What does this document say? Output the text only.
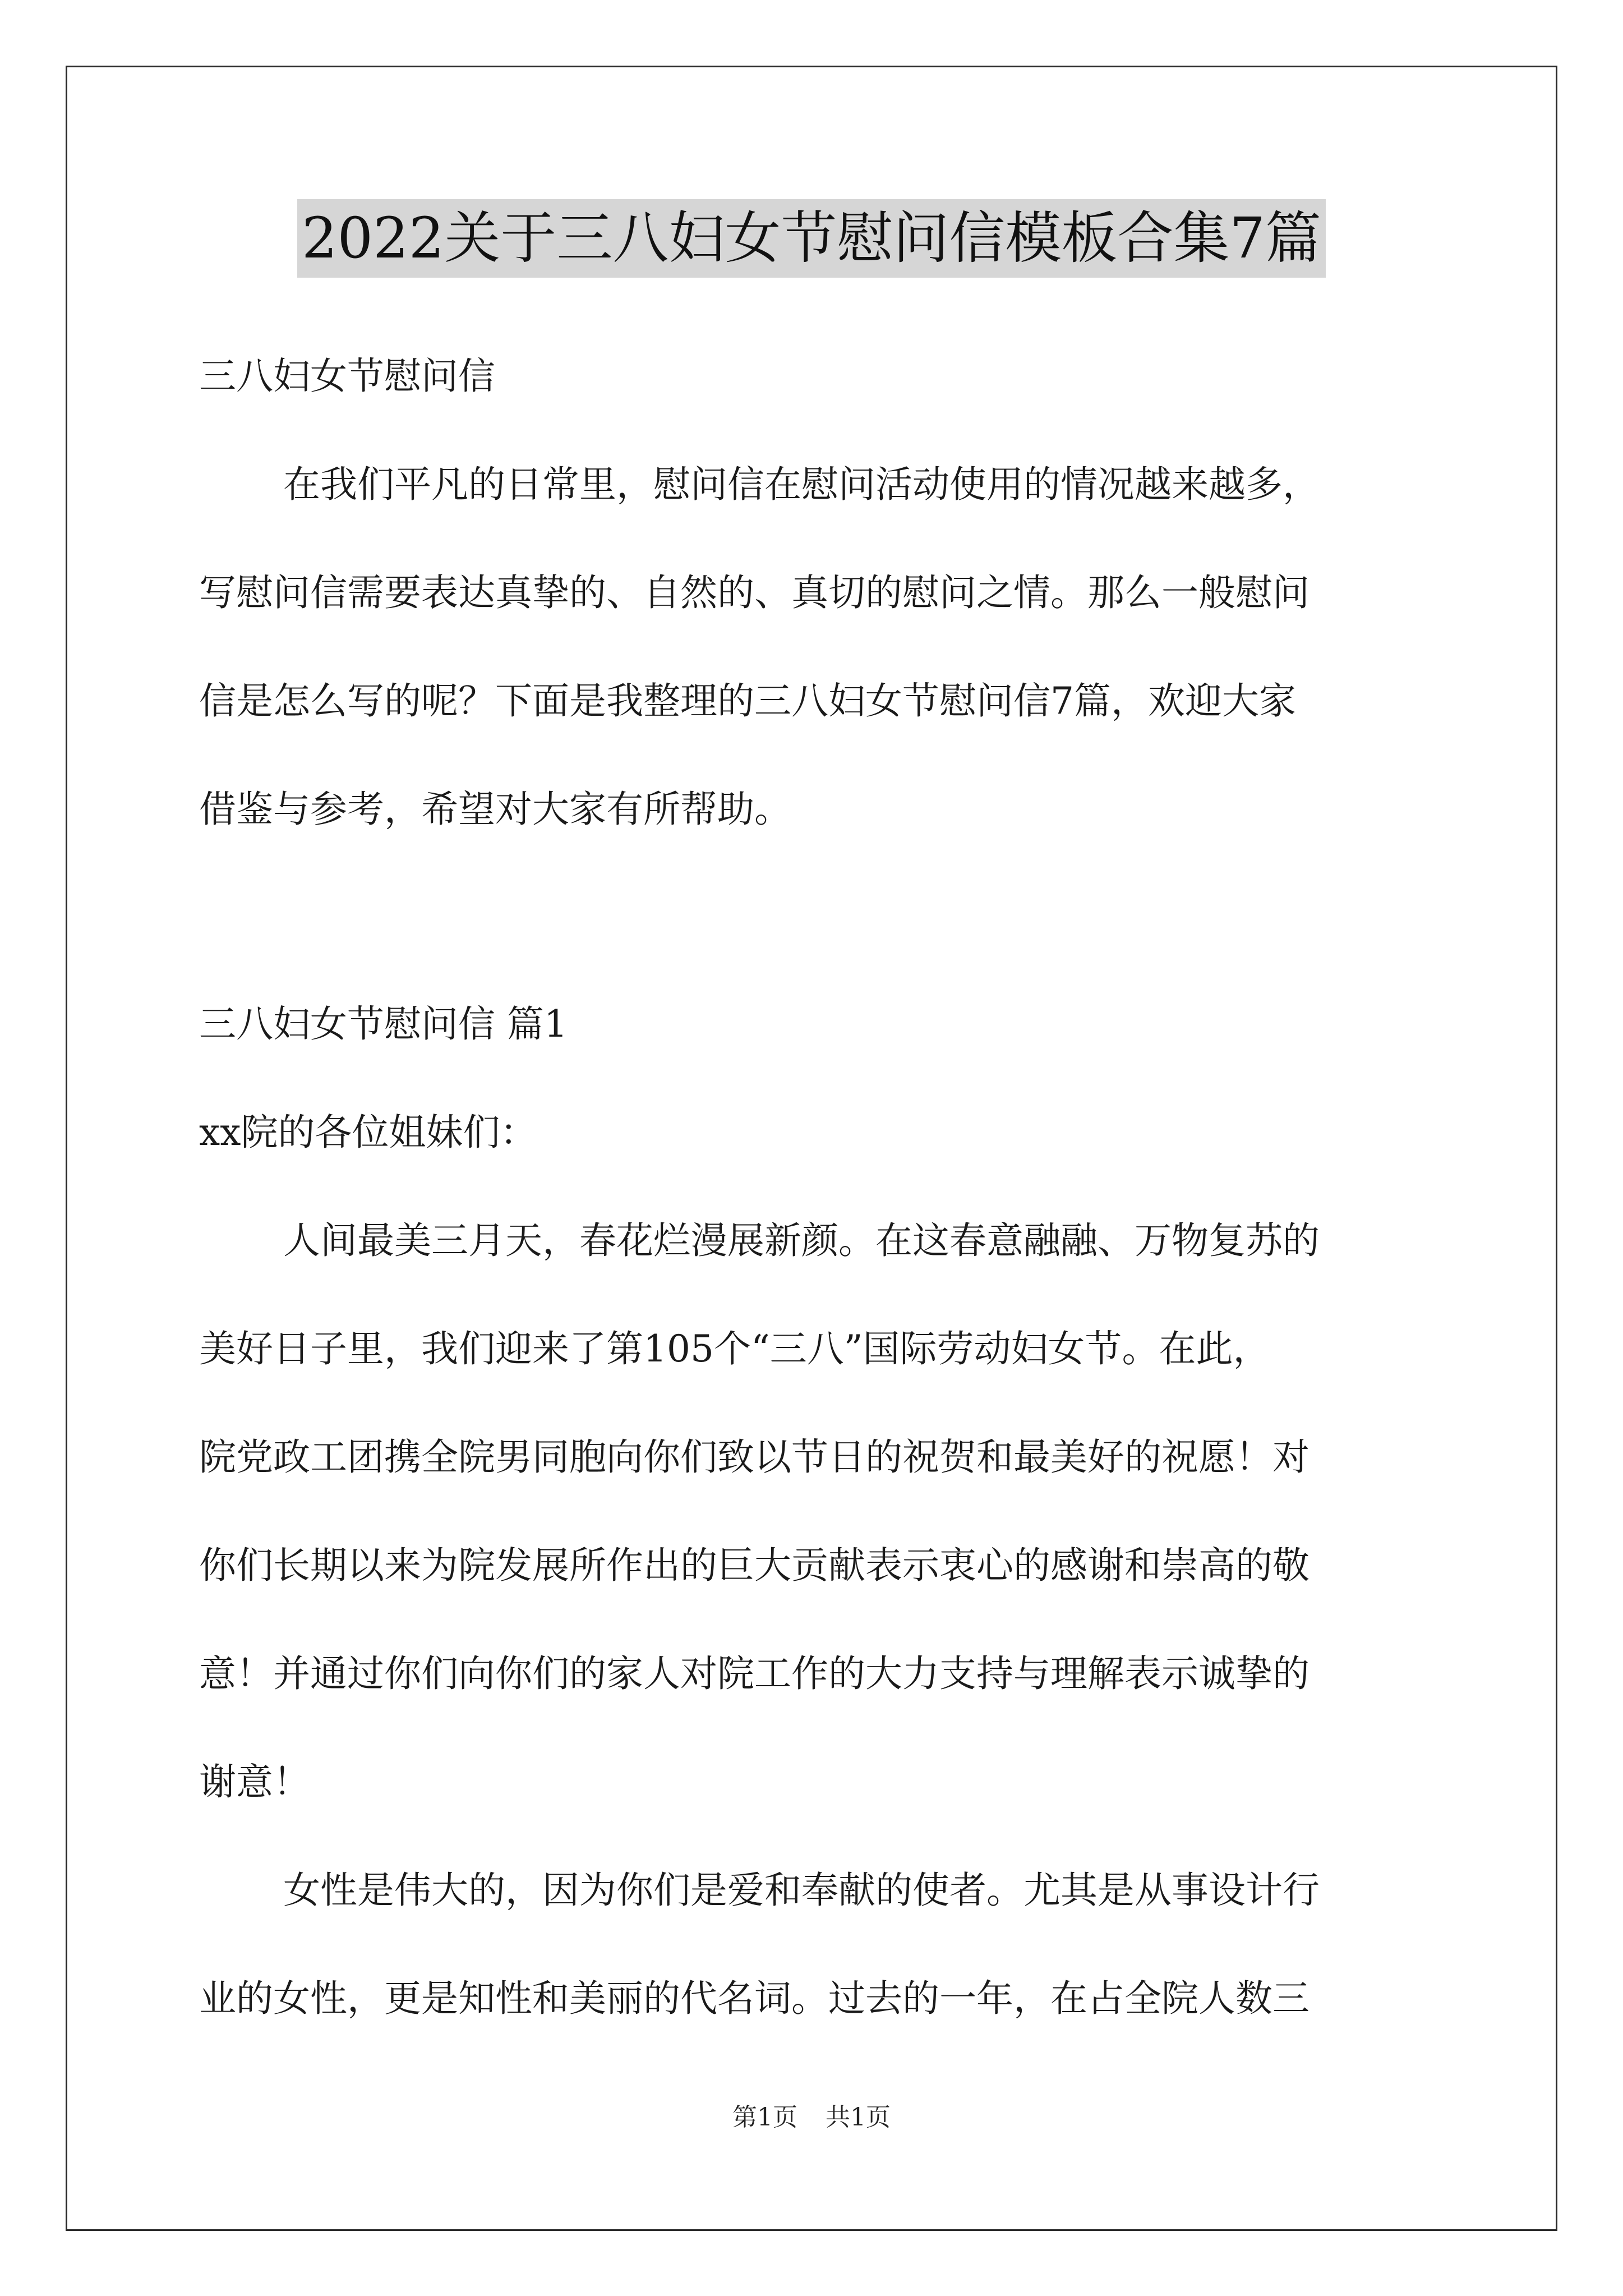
2022关于三八妇女节慰问信模板合集7篇
三八妇女节慰问信
在我们平凡的日常里，慰问信在慰问活动使用的情况越来越多，
写慰问信需要表达真挚的、自然的、真切的慰问之情。那么一般慰问
信是怎么写的呢？下面是我整理的三八妇女节慰问信7篇，欢迎大家
借鉴与参考，希望对大家有所帮助。
三八妇女节慰问信 篇1
xx院的各位姐妹们：
人间最美三月天，春花烂漫展新颜。在这春意融融、万物复苏的
美好日子里，我们迎来了第105个“三八”国际劳动妇女节。在此，
院党政工团携全院男同胞向你们致以节日的祝贺和最美好的祝愿！对
你们长期以来为院发展所作出的巨大贡献表示衷心的感谢和崇高的敬
意！并通过你们向你们的家人对院工作的大力支持与理解表示诚挚的
谢意！
女性是伟大的，因为你们是爱和奉献的使者。尤其是从事设计行
业的女性，更是知性和美丽的代名词。过去的一年，在占全院人数三
第1页 共1页
